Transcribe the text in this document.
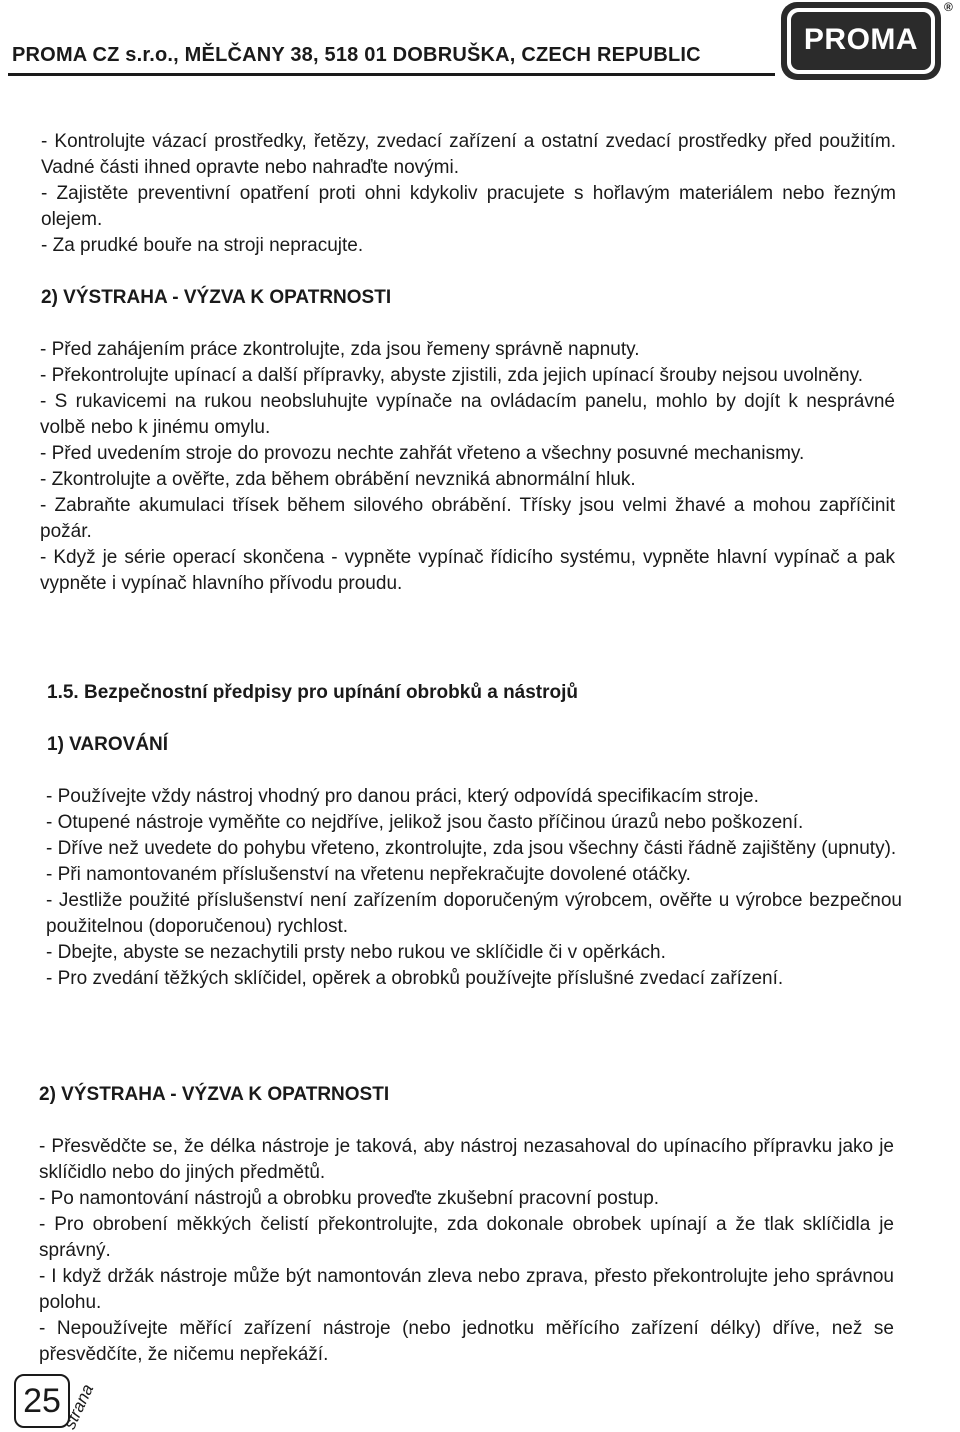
PROMA CZ s.r.o., MĚLČANY 38, 518 01 DOBRUŠKA, CZECH REPUBLIC	PROMA
®

- Kontrolujte vázací prostředky, řetězy, zvedací zařízení a ostatní zvedací prostředky před použitím. Vadné části ihned opravte nebo nahraďte novými.

- Zajistěte preventivní opatření proti ohni kdykoliv pracujete s hořlavým materiálem nebo řezným olejem.

- Za prudké bouře na stroji nepracujte.

2) VÝSTRAHA - VÝZVA K OPATRNOSTI

- Před zahájením práce zkontrolujte, zda jsou řemeny správně napnuty.

- Překontrolujte upínací a další přípravky, abyste zjistili, zda jejich upínací šrouby nejsou uvolněny.

- S rukavicemi na rukou neobsluhujte vypínače na ovládacím panelu, mohlo by dojít k nesprávné volbě nebo k jinému omylu.

- Před uvedením stroje do provozu nechte zahřát vřeteno a všechny posuvné mechanismy.

- Zkontrolujte a ověřte, zda během obrábění nevzniká abnormální hluk.

- Zabraňte akumulaci třísek během silového obrábění. Třísky jsou velmi žhavé a mohou zapříčinit požár.

- Když je série operací skončena - vypněte vypínač řídicího systému, vypněte hlavní vypínač a pak vypněte i vypínač hlavního přívodu proudu.

1.5. Bezpečnostní předpisy pro upínání obrobků a nástrojů
1) VAROVÁNÍ

- Používejte vždy nástroj vhodný pro danou práci, který odpovídá specifikacím stroje.

- Otupené nástroje vyměňte co nejdříve, jelikož jsou často příčinou úrazů nebo poškození.

- Dříve než uvedete do pohybu vřeteno, zkontrolujte, zda jsou všechny části řádně zajištěny (upnuty).

- Při namontovaném příslušenství na vřetenu nepřekračujte dovolené otáčky.

- Jestliže použité příslušenství není zařízením doporučeným výrobcem, ověřte u výrobce bezpečnou použitelnou (doporučenou) rychlost.

- Dbejte, abyste se nezachytili prsty nebo rukou ve sklíčidle či v opěrkách.

- Pro zvedání těžkých sklíčidel, opěrek a obrobků používejte příslušné zvedací zařízení.

2) VÝSTRAHA - VÝZVA K OPATRNOSTI

- Přesvědčte se, že délka nástroje je taková, aby nástroj nezasahoval do upínacího přípravku jako je sklíčidlo nebo do jiných předmětů.

- Po namontování nástrojů a obrobku proveďte zkušební pracovní postup.

- Pro obrobení měkkých čelistí překontrolujte, zda dokonale obrobek upínají a že tlak sklíčidla je správný.

- I když držák nástroje může být namontován zleva nebo zprava, přesto překontrolujte jeho správnou polohu.

- Nepoužívejte měřící zařízení nástroje (nebo jednotku měřícího zařízení délky) dříve, než se přesvědčíte, že ničemu nepřekáží.

25 strana
